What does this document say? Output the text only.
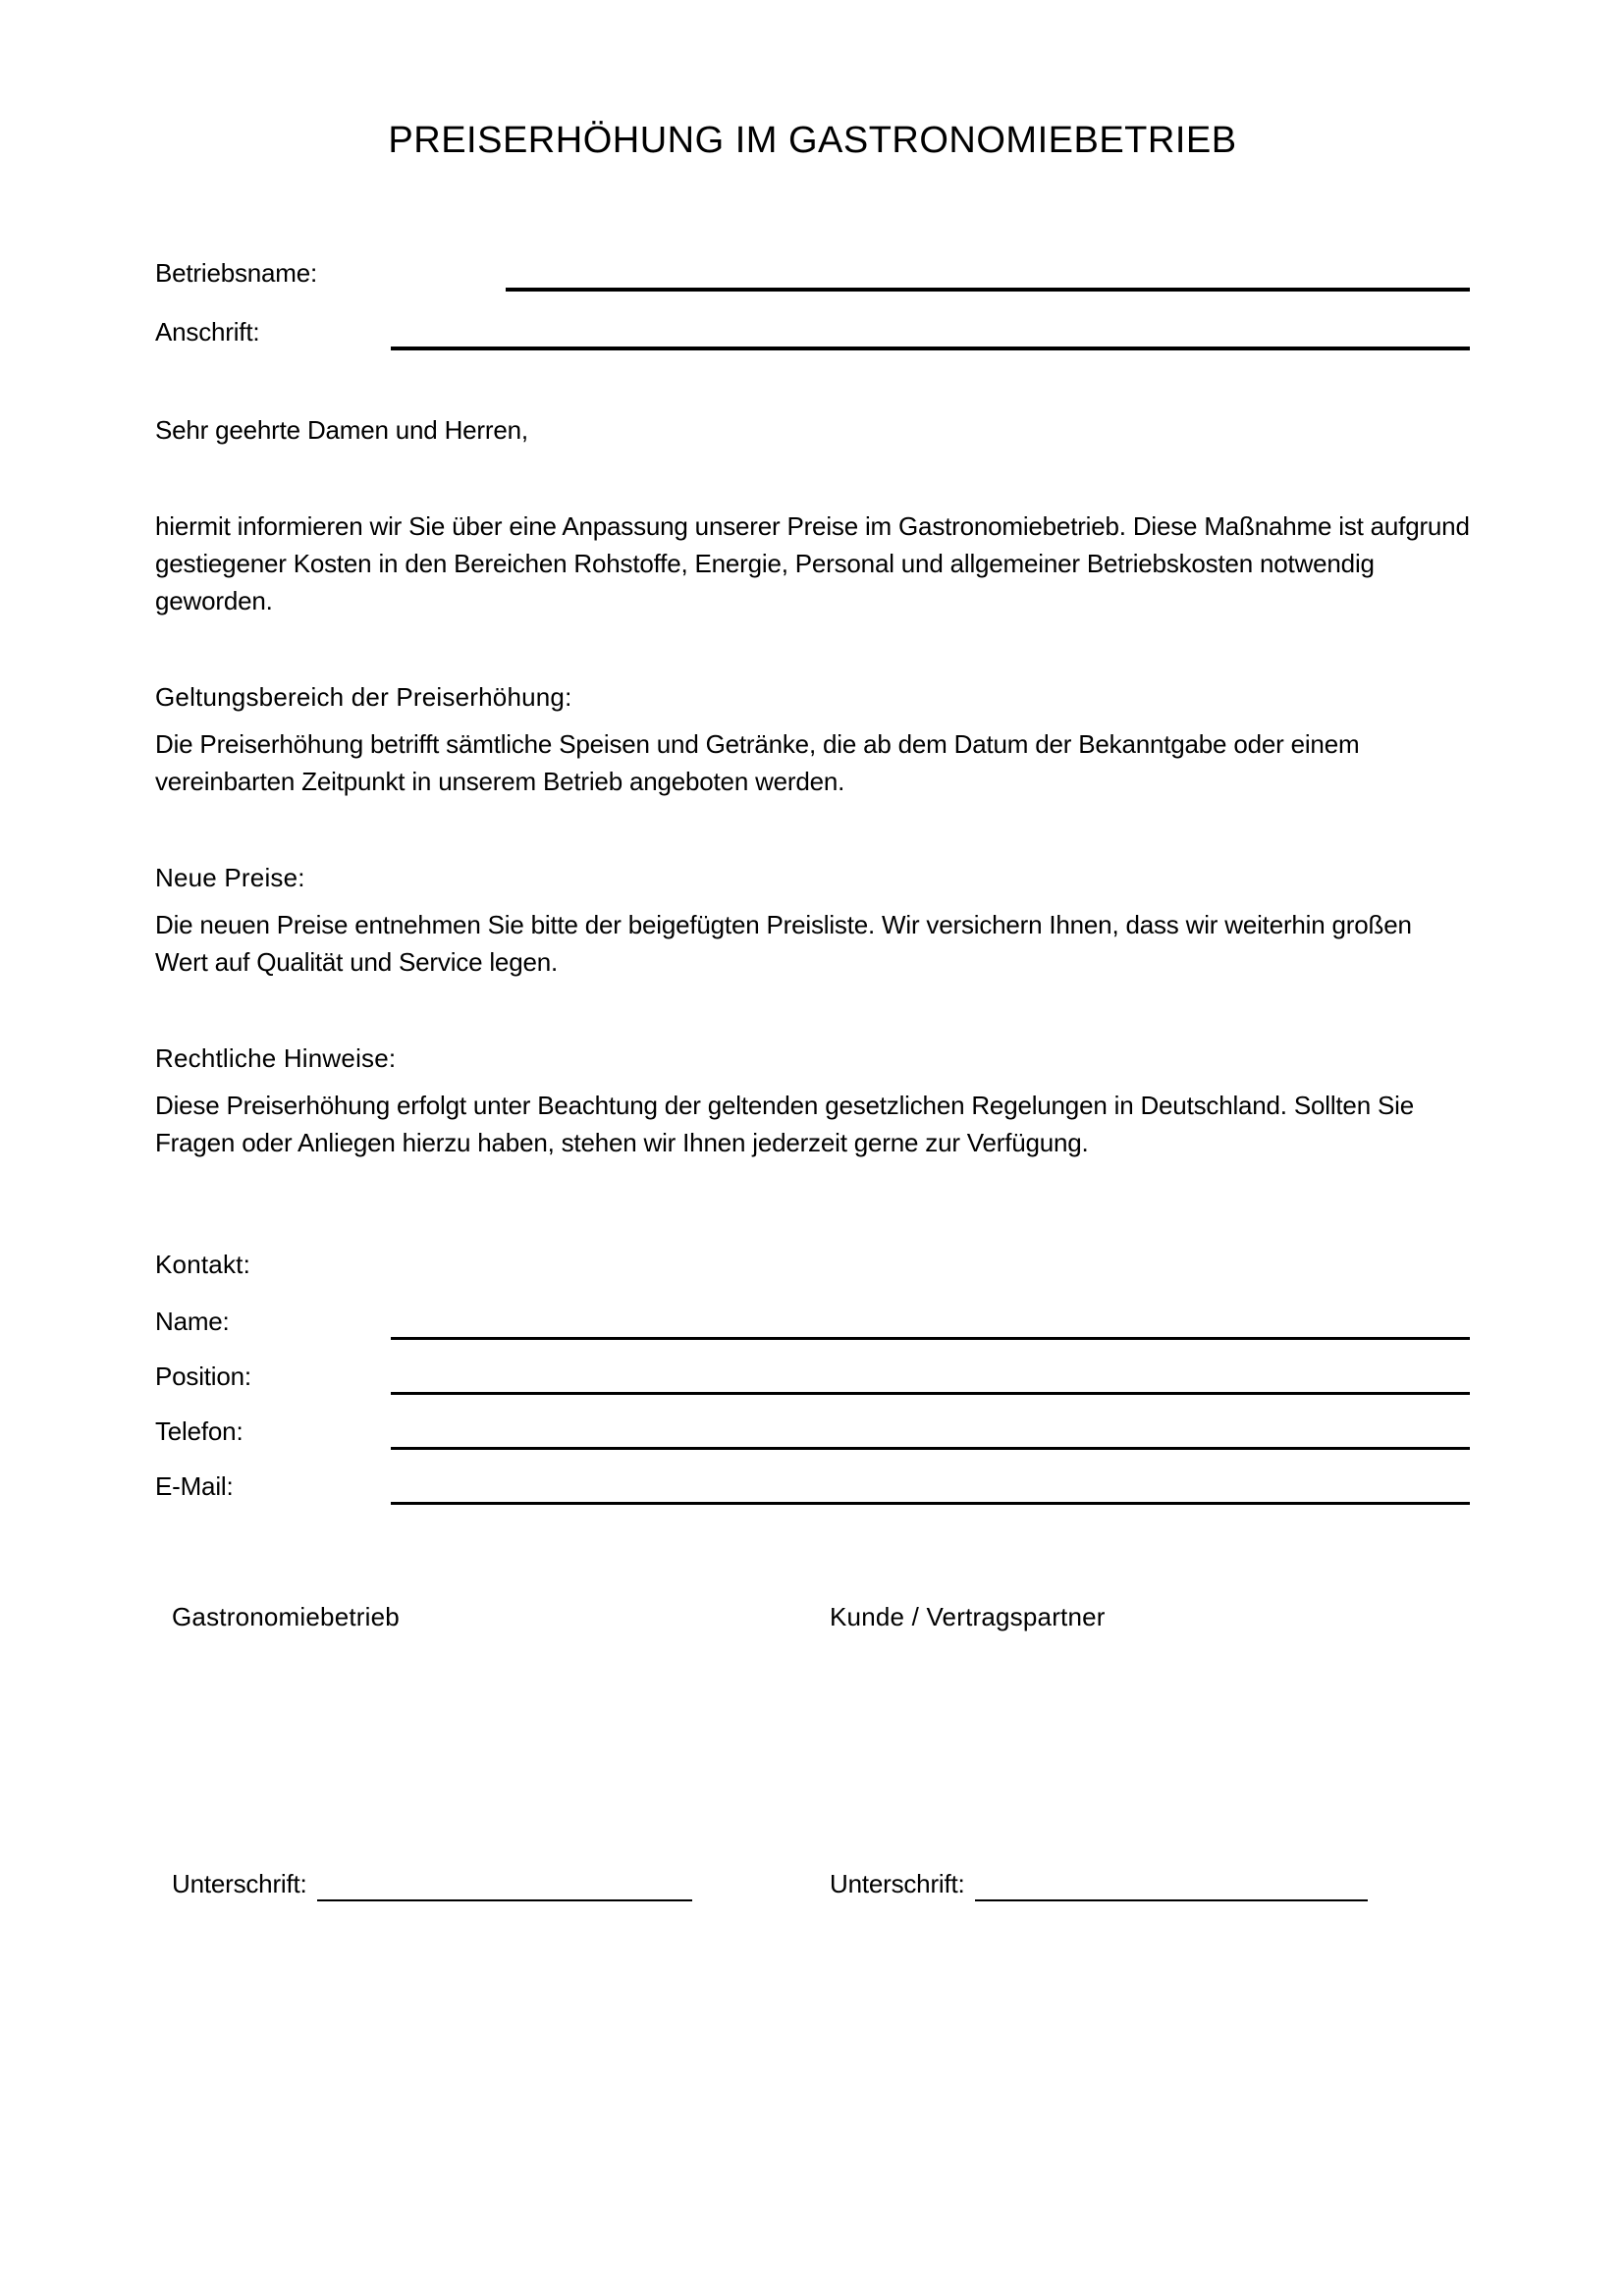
PREISERHÖHUNG IM GASTRONOMIEBETRIEB
Betriebsname:
Anschrift:

Sehr geehrte Damen und Herren,

hiermit informieren wir Sie über eine Anpassung unserer Preise im Gastronomiebetrieb. Diese Maßnahme ist aufgrund gestiegener Kosten in den Bereichen Rohstoffe, Energie, Personal und allgemeiner Betriebskosten notwendig geworden.

Geltungsbereich der Preiserhöhung:

Die Preiserhöhung betrifft sämtliche Speisen und Getränke, die ab dem Datum der Bekanntgabe oder einem vereinbarten Zeitpunkt in unserem Betrieb angeboten werden.

Neue Preise:

Die neuen Preise entnehmen Sie bitte der beigefügten Preisliste. Wir versichern Ihnen, dass wir weiterhin großen Wert auf Qualität und Service legen.

Rechtliche Hinweise:

Diese Preiserhöhung erfolgt unter Beachtung der geltenden gesetzlichen Regelungen in Deutschland. Sollten Sie Fragen oder Anliegen hierzu haben, stehen wir Ihnen jederzeit gerne zur Verfügung.

Kontakt:
Name:
Position:
Telefon:
E-Mail:
Gastronomiebetrieb	Kunde / Vertragspartner
Unterschrift:	Unterschrift:
